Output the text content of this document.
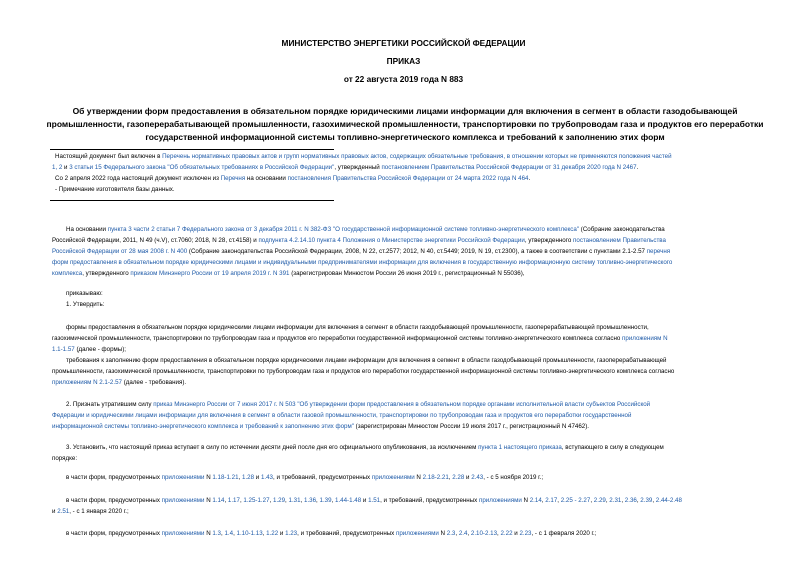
МИНИСТЕРСТВО ЭНЕРГЕТИКИ РОССИЙСКОЙ ФЕДЕРАЦИИ
ПРИКАЗ
от 22 августа 2019 года N 883
Об утверждении форм предоставления в обязательном порядке юридическими лицами информации для включения в сегмент в области газодобывающей промышленности, газоперерабатывающей промышленности, газохимической промышленности, транспортировки по трубопроводам газа и продуктов его переработки государственной информационной системы топливно-энергетического комплекса и требований к заполнению этих форм
Настоящий документ был включен в Перечень нормативных правовых актов и групп нормативных правовых актов, содержащих обязательные требования, в отношении которых не применяются положения частей
1, 2 и 3 статьи 15 Федерального закона "Об обязательных требованиях в Российской Федерации", утвержденный постановлением Правительства Российской Федерации от 31 декабря 2020 года N 2467.
Со 2 апреля 2022 года настоящий документ исключен из Перечня на основании постановления Правительства Российской Федерации от 24 марта 2022 года N 464.
- Примечание изготовителя базы данных.
На основании пункта 3 части 2 статьи 7 Федерального закона от 3 декабря 2011 г. N 382-ФЗ "О государственной информационной системе топливно-энергетического комплекса" (Собрание законодательства
Российской Федерации, 2011, N 49 (ч.V), ст.7060; 2018, N 28, ст.4158) и подпункта 4.2.14.10 пункта 4 Положения о Министерстве энергетики Российской Федерации, утвержденного постановлением Правительства
Российской Федерации от 28 мая 2008 г. N 400 (Собрание законодательства Российской Федерации, 2008, N 22, ст.2577; 2012, N 40, ст.5449; 2019, N 19, ст.2300), а также в соответствии с пунктами 2.1-2.57 перечня
форм предоставления в обязательном порядке юридическими лицами и индивидуальными предпринимателями информации для включения в государственную информационную систему топливно-энергетического
комплекса, утвержденного приказом Минэнерго России от 19 апреля 2019 г. N 391 (зарегистрирован Минюстом России 26 июня 2019 г., регистрационный N 55036),
приказываю:
1. Утвердить:
формы предоставления в обязательном порядке юридическими лицами информации для включения в сегмент в области газодобывающей промышленности, газоперерабатывающей промышленности,
газохимической промышленности, транспортировки по трубопроводам газа и продуктов его переработки государственной информационной системы топливно-энергетического комплекса согласно приложениям N
1.1-1.57 (далее - формы);
требования к заполнению форм предоставления в обязательном порядке юридическими лицами информации для включения в сегмент в области газодобывающей промышленности, газоперерабатывающей
промышленности, газохимической промышленности, транспортировки по трубопроводам газа и продуктов его переработки государственной информационной системы топливно-энергетического комплекса согласно
приложениям N 2.1-2.57 (далее - требования).
2. Признать утратившим силу приказ Минэнерго России от 7 июня 2017 г. N 503 "Об утверждении форм предоставления в обязательном порядке органами исполнительной власти субъектов Российской
Федерации и юридическими лицами информации для включения в сегмент в области газовой промышленности, транспортировки по трубопроводам газа и продуктов его переработки государственной
информационной системы топливно-энергетического комплекса и требований к заполнению этих форм" (зарегистрирован Минюстом России 19 июля 2017 г., регистрационный N 47462).
3. Установить, что настоящий приказ вступает в силу по истечении десяти дней после дня его официального опубликования, за исключением пункта 1 настоящего приказа, вступающего в силу в следующем
порядке:
в части форм, предусмотренных приложениями N 1.18-1.21, 1.28 и 1.43, и требований, предусмотренных приложениями N 2.18-2.21, 2.28 и 2.43, - с 5 ноября 2019 г.;
в части форм, предусмотренных приложениями N 1.14, 1.17, 1.25-1.27, 1.29, 1.31, 1.36, 1.39, 1.44-1.48 и 1.51, и требований, предусмотренных приложениями N 2.14, 2.17, 2.25 - 2.27, 2.29, 2.31, 2.36, 2.39, 2.44-2.48
и 2.51, - с 1 января 2020 г.;
в части форм, предусмотренных приложениями N 1.3, 1.4, 1.10-1.13, 1.22 и 1.23, и требований, предусмотренных приложениями N 2.3, 2.4, 2.10-2.13, 2.22 и 2.23, - с 1 февраля 2020 г.;
